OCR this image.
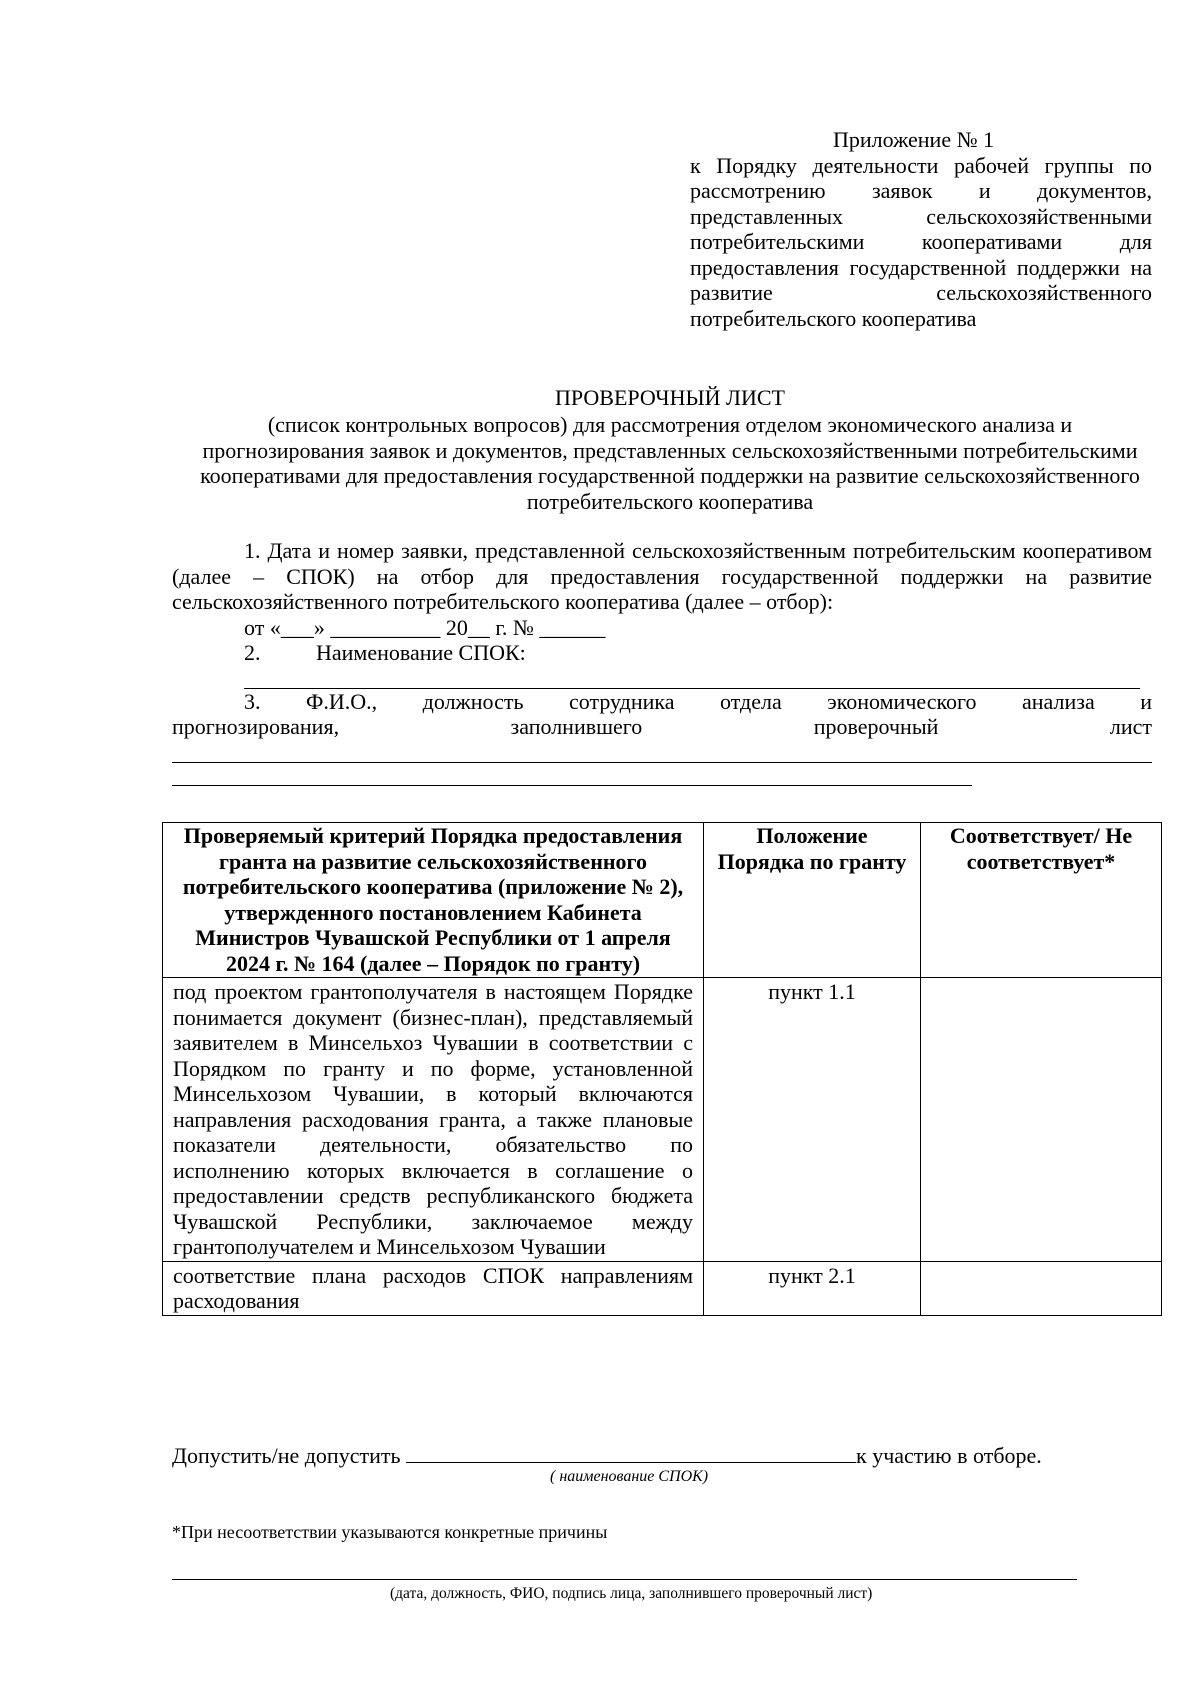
Приложение № 1
к Порядку деятельности рабочей группы по рассмотрению заявок и документов, представленных сельскохозяйственными потребительскими кооперативами для предоставления государственной поддержки на развитие сельскохозяйственного потребительского кооператива
ПРОВЕРОЧНЫЙ ЛИСТ
(список контрольных вопросов) для рассмотрения отделом экономического анализа и прогнозирования заявок и документов, представленных сельскохозяйственными потребительскими кооперативами для предоставления государственной поддержки на развитие сельскохозяйственного потребительского кооператива

1. Дата и номер заявки, представленной сельскохозяйственным потребительским кооперативом (далее – СПОК) на отбор для предоставления государственной поддержки на развитие сельскохозяйственного потребительского кооператива (далее – отбор):

от «___» __________ 20__ г. № ______
2.	Наименование СПОК:

3. Ф.И.О., должность сотрудника отдела экономического анализа и

прогнозирования, заполнившего проверочный лист

Проверяемый критерий Порядка предоставления гранта на развитие сельскохозяйственного потребительского кооператива (приложение № 2), утвержденного постановлением Кабинета Министров Чувашской Республики от 1 апреля 2024 г. № 164 (далее – Порядок по гранту)	Положение Порядка по гранту	Соответствует/ Не соответствует*
под проектом грантополучателя в настоящем Порядке понимается документ (бизнес-план), представляемый заявителем в Минсельхоз Чувашии в соответствии с Порядком по гранту и по форме, установленной Минсельхозом Чувашии, в который включаются направления расходования гранта, а также плановые показатели деятельности, обязательство по исполнению которых включается в соглашение о предоставлении средств республиканского бюджета Чувашской Республики, заключаемое между грантополучателем и Минсельхозом Чувашии	пункт 1.1	
соответствие плана расходов СПОК направлениям расходования	пункт 2.1	
Допустить/не допустить	к участию в отборе.
( наименование СПОК)
*При несоответствии указываются конкретные причины
(дата, должность, ФИО, подпись лица, заполнившего проверочный лист)
